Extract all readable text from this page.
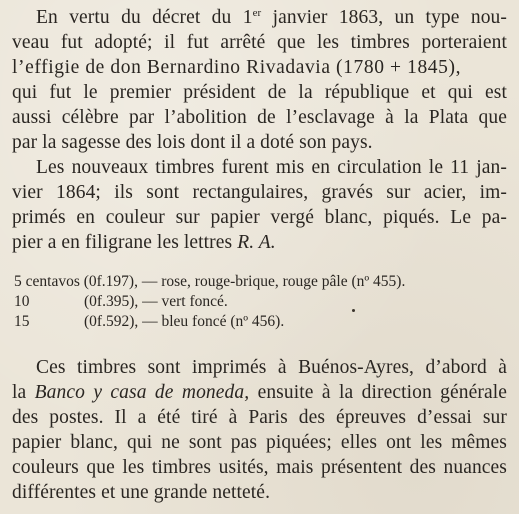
En vertu du décret du 1er janvier 1863, un type nou-
veau fut adopté; il fut arrêté que les timbres porteraient
l’effigie de don Bernardino Rivadavia (1780 + 1845),
qui fut le premier président de la république et qui est
aussi célèbre par l’abolition de l’esclavage à la Plata que
par la sagesse des lois dont il a doté son pays.
Les nouveaux timbres furent mis en circulation le 11 jan-
vier 1864; ils sont rectangulaires, gravés sur acier, im-
primés en couleur sur papier vergé blanc, piqués. Le pa-
pier a en filigrane les lettres R. A.
5 centavos (0f.197), — rose, rouge-brique, rouge pâle (nº 455).
10	(0f.395), — vert foncé.
15	(0f.592), — bleu foncé (nº 456).
Ces timbres sont imprimés à Buénos-Ayres, d’abord à
la Banco y casa de moneda, ensuite à la direction générale
des postes. Il a été tiré à Paris des épreuves d’essai sur
papier blanc, qui ne sont pas piquées; elles ont les mêmes
couleurs que les timbres usités, mais présentent des nuances
différentes et une grande netteté.
